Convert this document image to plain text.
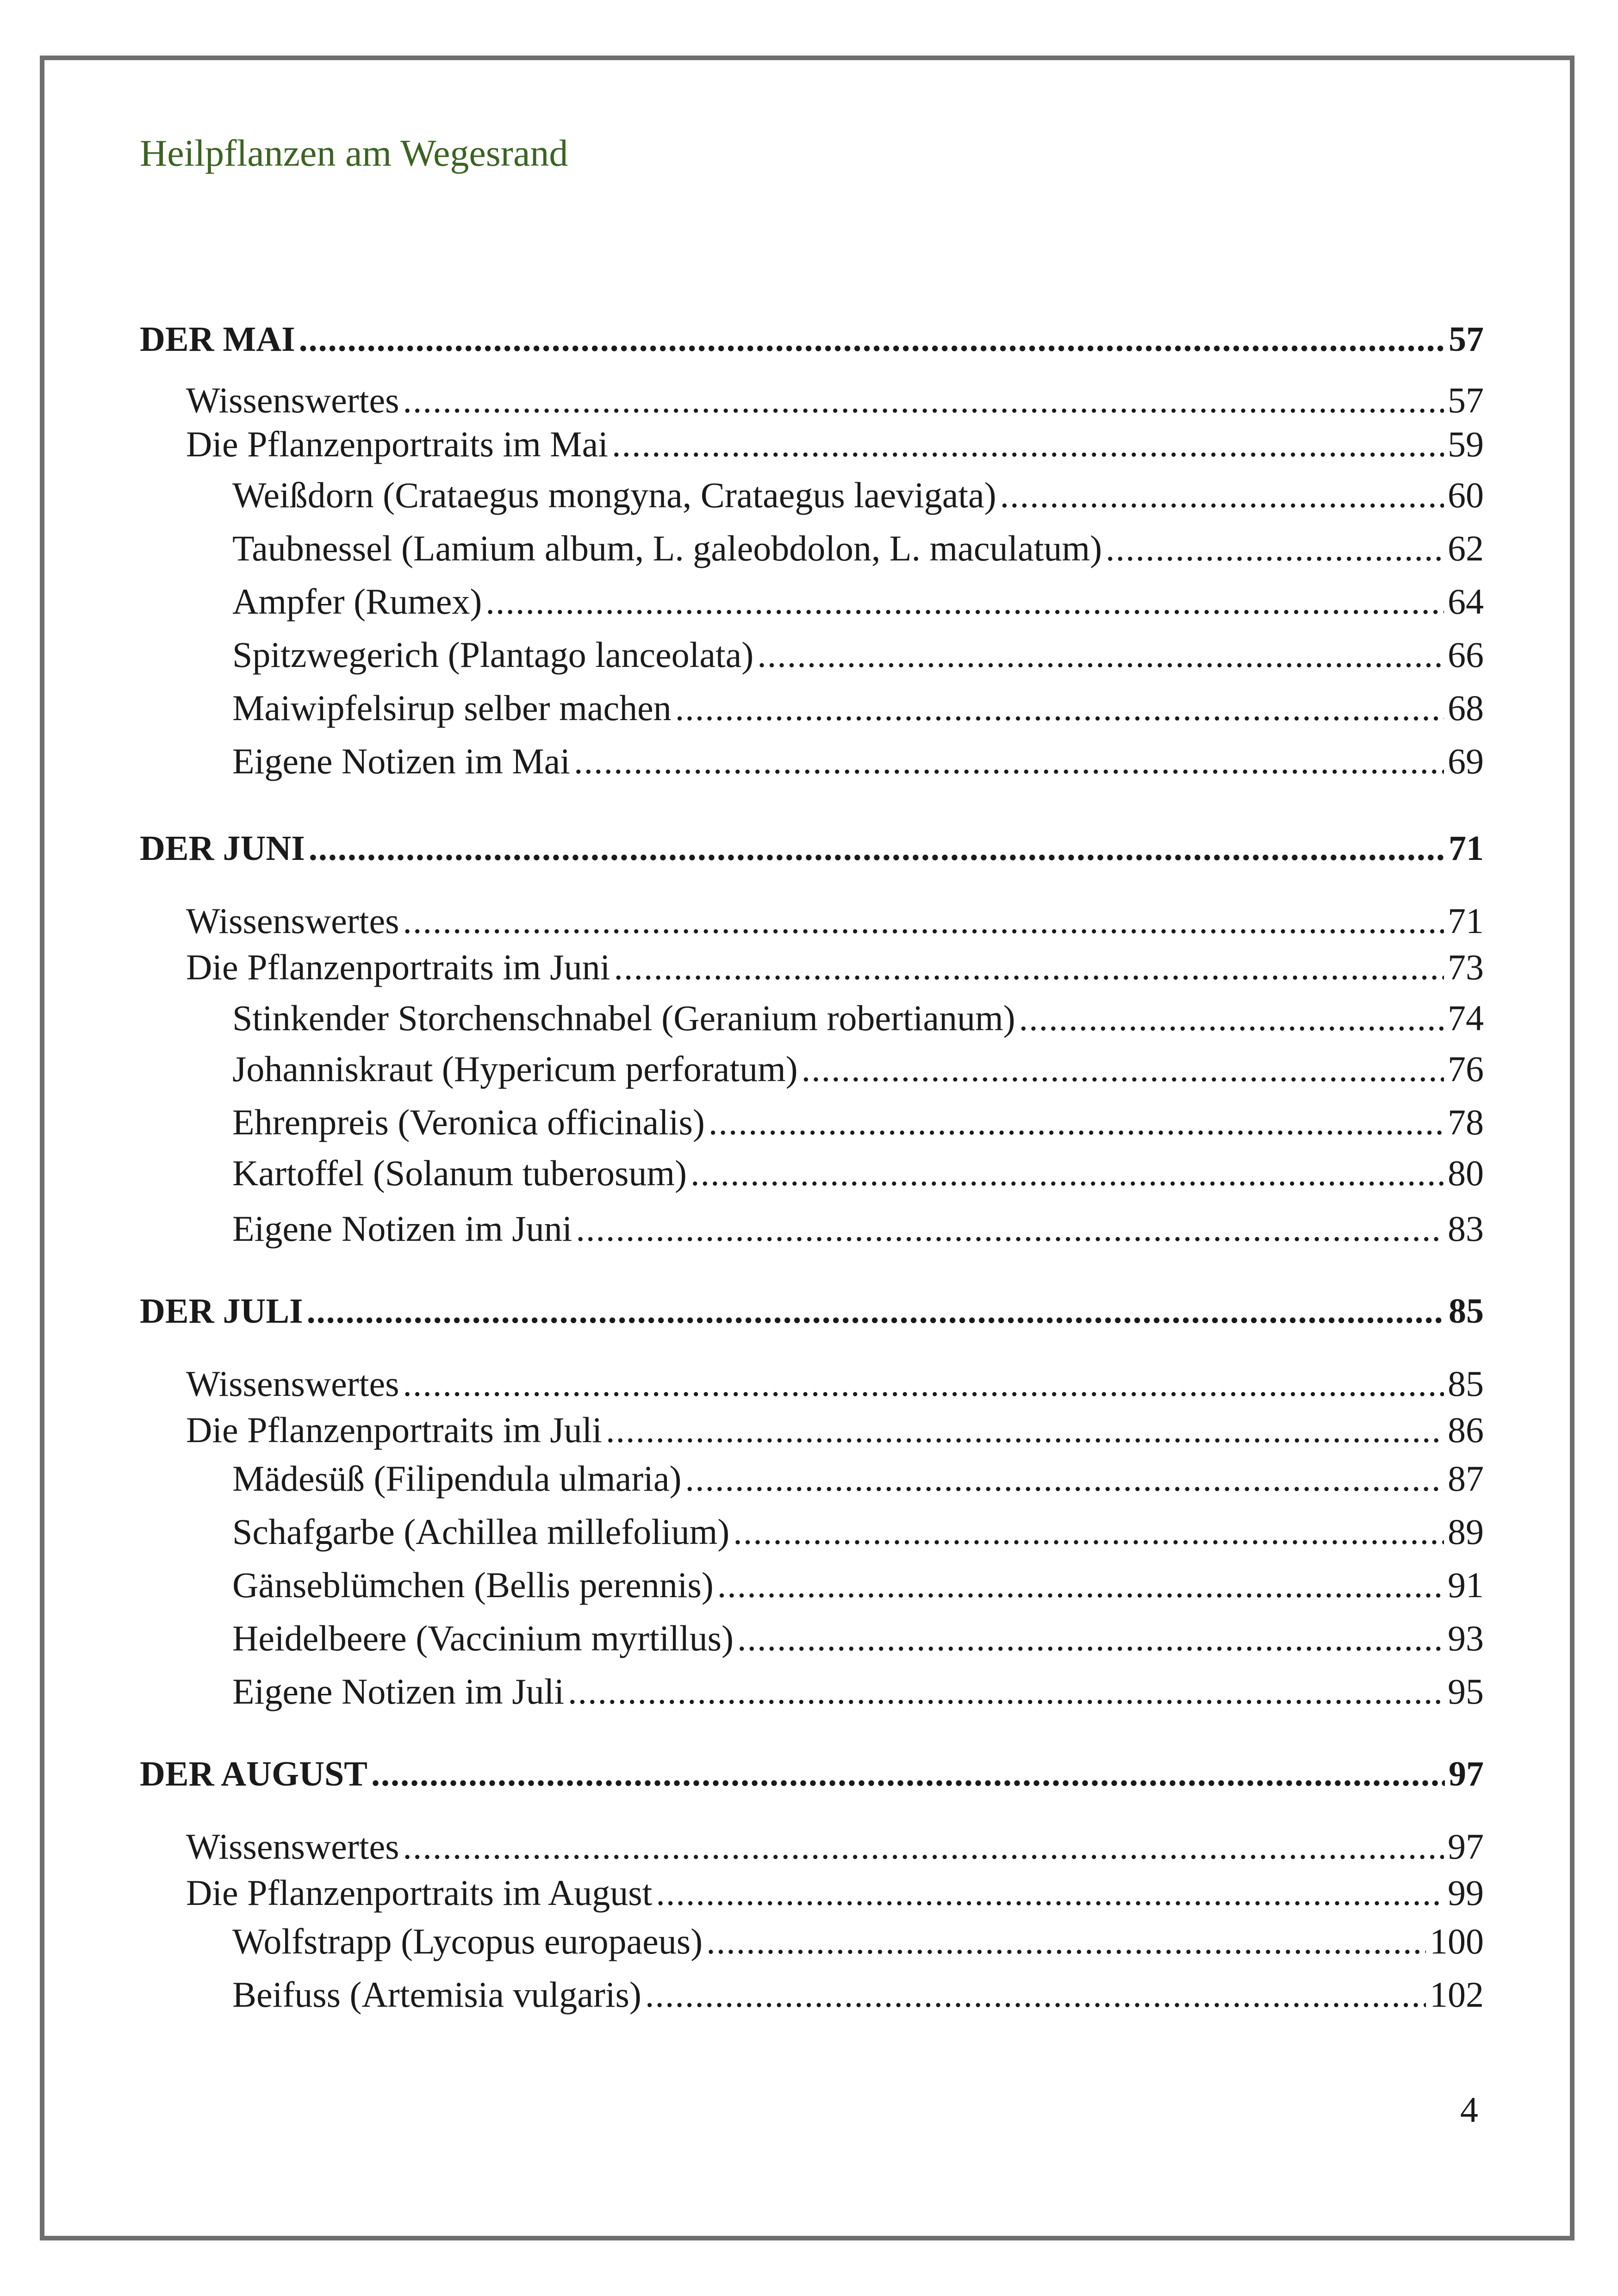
Heilpflanzen am Wegesrand
DER MAI .....	57
Wissenswertes .....	57
Die Pflanzenportraits im Mai .....	59
Weißdorn (Crataegus mongyna, Crataegus laevigata) .....	60
Taubnessel (Lamium album, L. galeobdolon, L. maculatum) .....	62
Ampfer (Rumex) .....	64
Spitzwegerich (Plantago lanceolata) .....	66
Maiwipfelsirup selber machen .....	68
Eigene Notizen im Mai .....	69
DER JUNI .....	71
Wissenswertes .....	71
Die Pflanzenportraits im Juni .....	73
Stinkender Storchenschnabel (Geranium robertianum) .....	74
Johanniskraut (Hypericum perforatum) .....	76
Ehrenpreis (Veronica officinalis) .....	78
Kartoffel (Solanum tuberosum) .....	80
Eigene Notizen im Juni .....	83
DER JULI .....	85
Wissenswertes .....	85
Die Pflanzenportraits im Juli .....	86
Mädesüß (Filipendula ulmaria) .....	87
Schafgarbe (Achillea millefolium) .....	89
Gänseblümchen (Bellis perennis) .....	91
Heidelbeere (Vaccinium myrtillus) .....	93
Eigene Notizen im Juli .....	95
DER AUGUST .....	97
Wissenswertes .....	97
Die Pflanzenportraits im August .....	99
Wolfstrapp (Lycopus europaeus) .....	100
Beifuss (Artemisia vulgaris) .....	102
4
